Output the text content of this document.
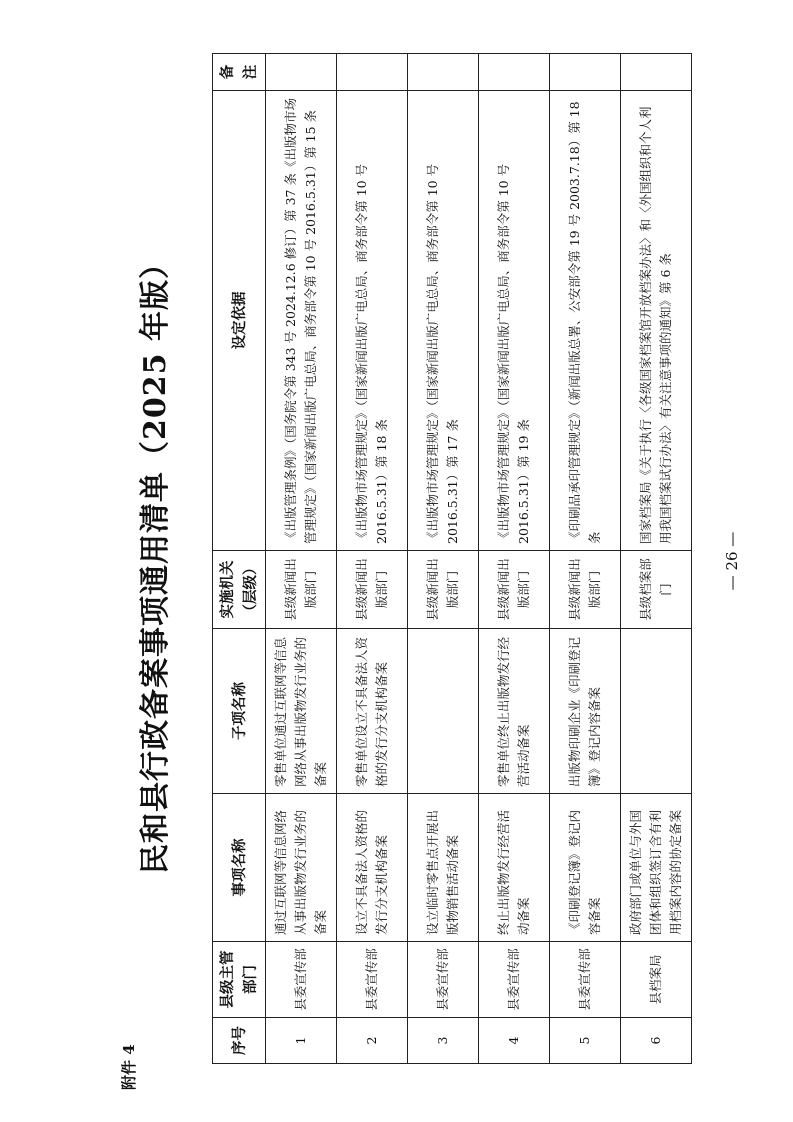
附件 4
民和县行政备案事项通用清单（2025 年版）
序号	县级主管部门	事项名称	子项名称	实施机关（层级）	设定依据	备注
1	县委宣传部	通过互联网等信息网络从事出版物发行业务的备案	零售单位通过互联网等信息网络从事出版物发行业务的备案	县级新闻出版部门	《出版管理条例》（国务院令第 343 号 2024.12.6 修订）第 37 条《出版物市场管理规定》（国家新闻出版广电总局、商务部令第 10 号 2016.5.31）第 15 条	
2	县委宣传部	设立不具备法人资格的发行分支机构备案	零售单位设立不具备法人资格的发行分支机构备案	县级新闻出版部门	《出版物市场管理规定》（国家新闻出版广电总局、商务部令第 10 号 2016.5.31）第 18 条	
3	县委宣传部	设立临时零售点开展出版物销售活动备案		县级新闻出版部门	《出版物市场管理规定》（国家新闻出版广电总局、商务部令第 10 号 2016.5.31）第 17 条	
4	县委宣传部	终止出版物发行经营活动备案	零售单位终止出版物发行经营活动备案	县级新闻出版部门	《出版物市场管理规定》（国家新闻出版广电总局、商务部令第 10 号 2016.5.31）第 19 条	
5	县委宣传部	《印刷登记簿》登记内容备案	出版物印刷企业《印刷登记簿》登记内容备案	县级新闻出版部门	《印刷品承印管理规定》（新闻出版总署、公安部令第 19 号 2003.7.18）第 18 条	
6	县档案局	政府部门或单位与外国团体和组织签订含有利用档案内容的协定备案		县级档案部门	国家档案局《关于执行〈各级国家档案馆开放档案办法〉和〈外国组织和个人利用我国档案试行办法〉有关注意事项的通知》第 6 条	
— 26 —
